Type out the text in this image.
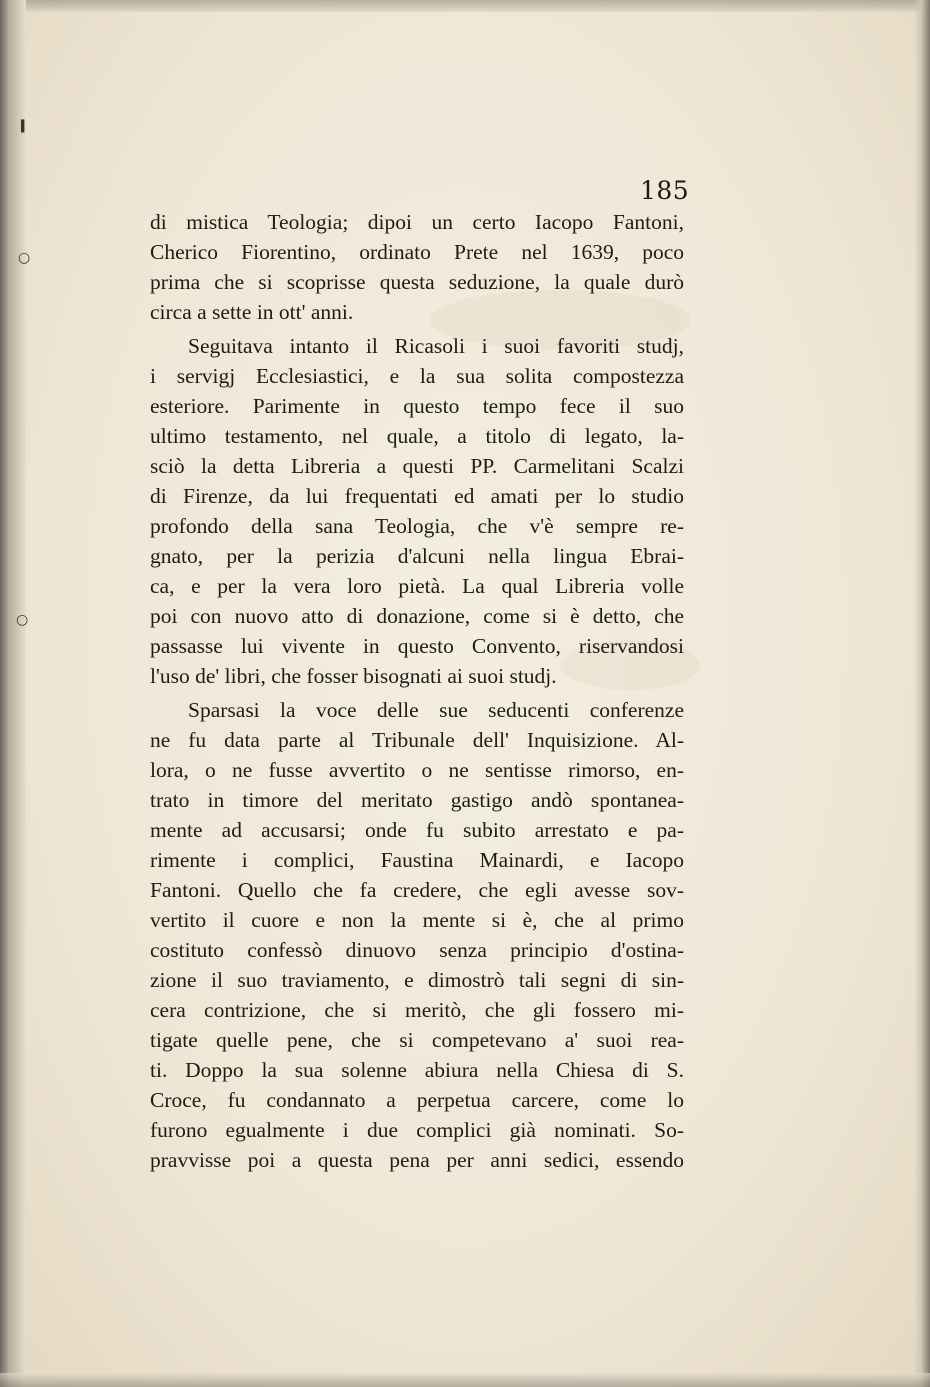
╹
○
○
185
di mistica Teologia; dipoi un certo Iacopo Fantoni,
Cherico Fiorentino, ordinato Prete nel 1639, poco
prima che si scoprisse questa seduzione, la quale durò
circa a sette in ott' anni.
Seguitava intanto il Ricasoli i suoi favoriti studj,
i servigj Ecclesiastici, e la sua solita compostezza
esteriore. Parimente in questo tempo fece il suo
ultimo testamento, nel quale, a titolo di legato, la-
sciò la detta Libreria a questi PP. Carmelitani Scalzi
di Firenze, da lui frequentati ed amati per lo studio
profondo della sana Teologia, che v'è sempre re-
gnato, per la perizia d'alcuni nella lingua Ebrai-
ca, e per la vera loro pietà. La qual Libreria volle
poi con nuovo atto di donazione, come si è detto, che
passasse lui vivente in questo Convento, riservandosi
l'uso de' libri, che fosser bisognati ai suoi studj.
Sparsasi la voce delle sue seducenti conferenze
ne fu data parte al Tribunale dell' Inquisizione. Al-
lora, o ne fusse avvertito o ne sentisse rimorso, en-
trato in timore del meritato gastigo andò spontanea-
mente ad accusarsi; onde fu subito arrestato e pa-
rimente i complici, Faustina Mainardi, e Iacopo
Fantoni. Quello che fa credere, che egli avesse sov-
vertito il cuore e non la mente si è, che al primo
costituto confessò dinuovo senza principio d'ostina-
zione il suo traviamento, e dimostrò tali segni di sin-
cera contrizione, che si meritò, che gli fossero mi-
tigate quelle pene, che si competevano a' suoi rea-
ti. Doppo la sua solenne abiura nella Chiesa di S.
Croce, fu condannato a perpetua carcere, come lo
furono egualmente i due complici già nominati. So-
pravvisse poi a questa pena per anni sedici, essendo
